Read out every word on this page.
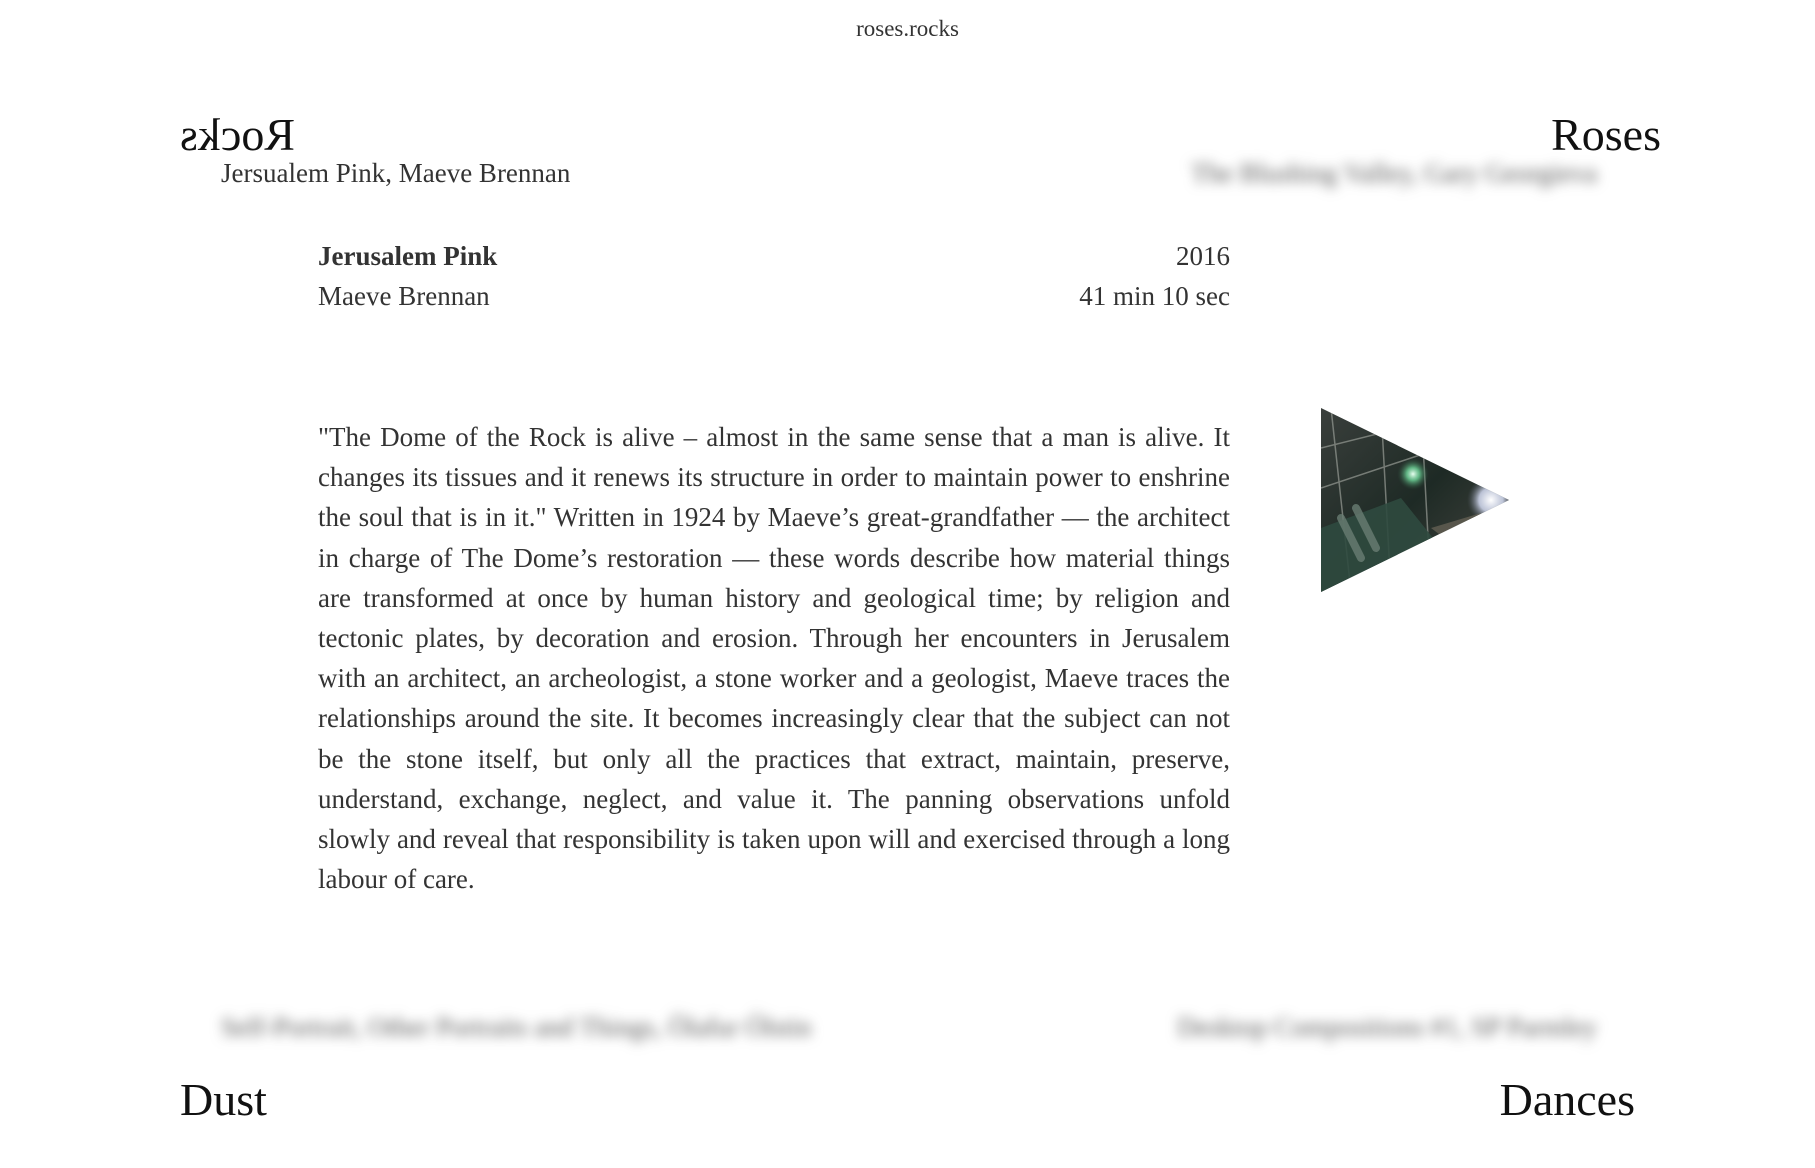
roses.rocks
Rocks
Jersualem Pink, Maeve Brennan
Roses
The Blushing Valley, Gary Georgieva
Self-Portrait, Other Portraits and Things, Ölafur Ólstin
Dust
Desktop Compositions #1, SP Parmley
Dances
Jerusalem Pink	2016
Maeve Brennan	41 min 10 sec

"The Dome of the Rock is alive – almost in the same sense that a man is alive. It changes its tissues and it renews its structure in order to maintain power to enshrine the soul that is in it." Written in 1924 by Maeve’s great-grandfather — the architect in charge of The Dome’s restoration — these words describe how material things are transformed at once by human history and geological time; by religion and tectonic plates, by decoration and erosion. Through her encounters in Jerusalem with an architect, an archeologist, a stone worker and a geologist, Maeve traces the relationships around the site. It becomes increasingly clear that the subject can not be the stone itself, but only all the practices that extract, maintain, preserve, understand, exchange, neglect, and value it. The panning observations unfold slowly and reveal that responsibility is taken upon will and exercised through a long labour of care.
